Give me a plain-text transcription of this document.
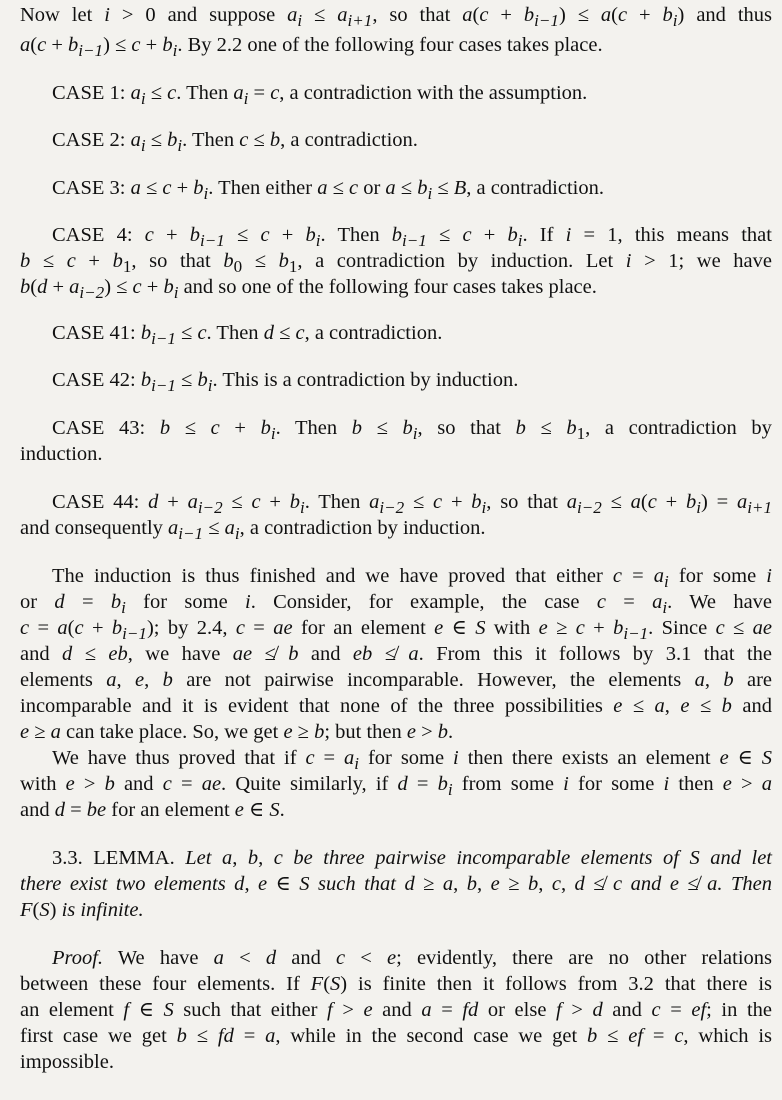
Now let i > 0 and suppose $a_i \le a_{i+1}$, so that $a(c + b_{i-1}) \le a(c + b_i)$ and thus
$a(c + b_{i-1}) \le c + b_i$. By 2.2 one of the following four cases takes place.
CASE 1: $a_i \le c$. Then $a_i = c$, a contradiction with the assumption.
CASE 2: $a_i \le b_i$. Then c ≤ b, a contradiction.
CASE 3: $a \le c + b_i$. Then either a ≤ c or $a \le b_i \le B$, a contradiction.
CASE 4: $c + b_{i-1} \le c + b_i$. Then $b_{i-1} \le c + b_i$. If i = 1, this means that
$b \le c + b_1$, so that $b_0 \le b_1$, a contradiction by induction. Let i > 1; we have
$b(d + a_{i-2}) \le c + b_i$ and so one of the following four cases takes place.
CASE 41: $b_{i-1} \le c$. Then d ≤ c, a contradiction.
CASE 42: $b_{i-1} \le b_i$. This is a contradiction by induction.
CASE 43: $b \le c + b_i$. Then $b \le b_i$, so that $b \le b_1$, a contradiction by
induction.
CASE 44: $d + a_{i-2} \le c + b_i$. Then $a_{i-2} \le c + b_i$, so that $a_{i-2} \le a(c + b_i) = a_{i+1}$
and consequently $a_{i-1} \le a_i$, a contradiction by induction.
The induction is thus finished and we have proved that either $c = a_i$ for some i
or $d = b_i$ for some i. Consider, for example, the case $c = a_i$. We have
$c = a(c + b_{i-1})$; by 2.4, c = ae for an element e ∈ S with $e \ge c + b_{i-1}$. Since c ≤ ae
and d ≤ eb, we have ae ≰ b and eb ≰ a. From this it follows by 3.1 that the
elements a, e, b are not pairwise incomparable. However, the elements a, b are
incomparable and it is evident that none of the three possibilities e ≤ a, e ≤ b and
e ≥ a can take place. So, we get e ≥ b; but then e > b.
We have thus proved that if $c = a_i$ for some i then there exists an element e ∈ S
with e > b and c = ae. Quite similarly, if $d = b_i$ from some i for some i then e > a
and d = be for an element e ∈ S.
3.3. LEMMA. Let a, b, c be three pairwise incomparable elements of S and let
there exist two elements d, e ∈ S such that d ≥ a, b, e ≥ b, c, d ≰ c and e ≰ a. Then
F(S) is infinite.
Proof. We have a < d and c < e; evidently, there are no other relations
between these four elements. If F(S) is finite then it follows from 3.2 that there is
an element f ∈ S such that either f > e and a = fd or else f > d and c = ef; in the
first case we get b ≤ fd = a, while in the second case we get b ≤ ef = c, which is
impossible.
